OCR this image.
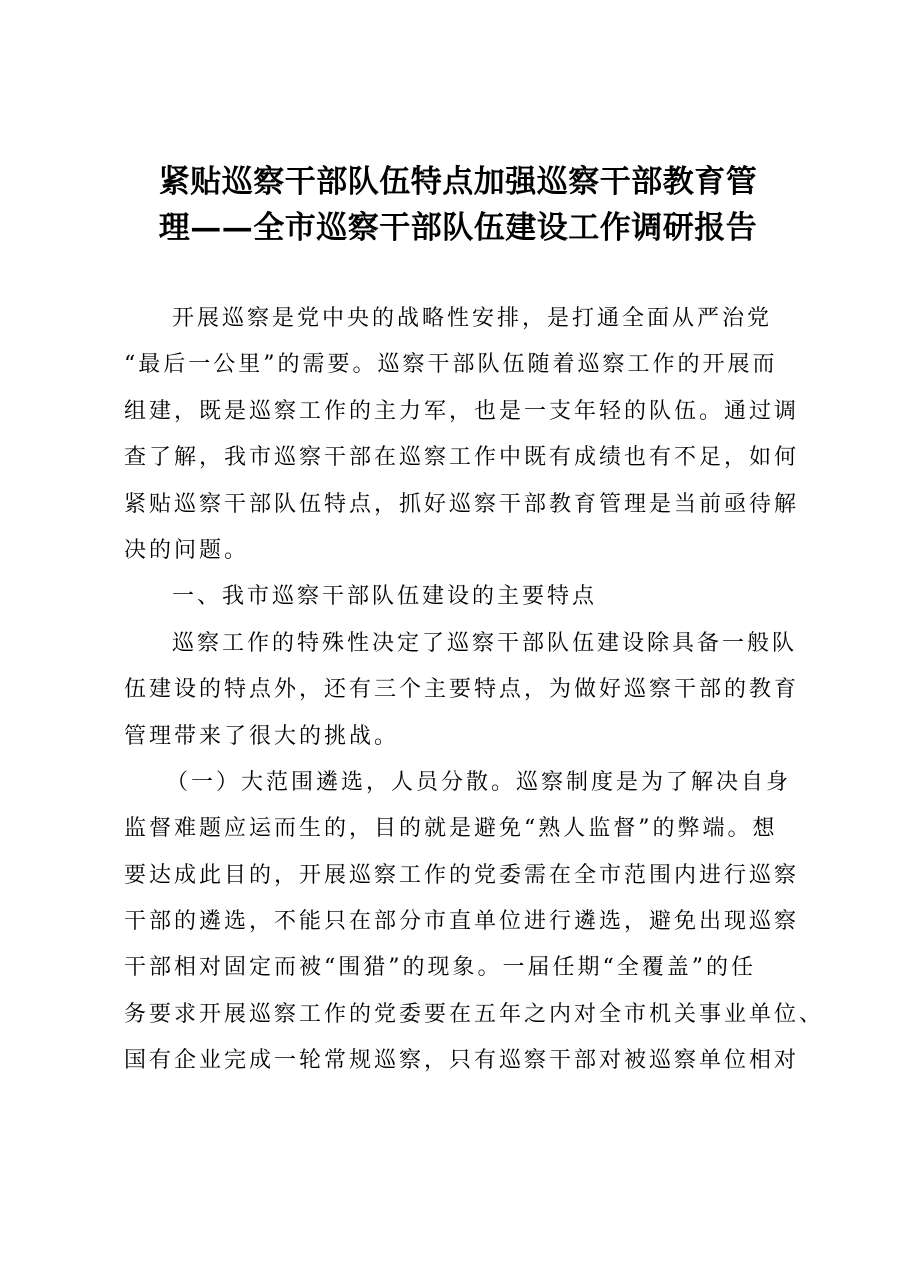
紧贴巡察干部队伍特点加强巡察干部教育管
理——全市巡察干部队伍建设工作调研报告

开展巡察是党中央的战略性安排，是打通全面从严治党
“最后一公里”的需要。巡察干部队伍随着巡察工作的开展而
组建，既是巡察工作的主力军，也是一支年轻的队伍。通过调
查了解，我市巡察干部在巡察工作中既有成绩也有不足，如何
紧贴巡察干部队伍特点，抓好巡察干部教育管理是当前亟待解
决的问题。

一、我市巡察干部队伍建设的主要特点

巡察工作的特殊性决定了巡察干部队伍建设除具备一般队
伍建设的特点外，还有三个主要特点，为做好巡察干部的教育
管理带来了很大的挑战。

（一）大范围遴选，人员分散。巡察制度是为了解决自身
监督难题应运而生的，目的就是避免“熟人监督”的弊端。想
要达成此目的，开展巡察工作的党委需在全市范围内进行巡察
干部的遴选，不能只在部分市直单位进行遴选，避免出现巡察
干部相对固定而被“围猎”的现象。一届任期“全覆盖”的任
务要求开展巡察工作的党委要在五年之内对全市机关事业单位、
国有企业完成一轮常规巡察，只有巡察干部对被巡察单位相对
